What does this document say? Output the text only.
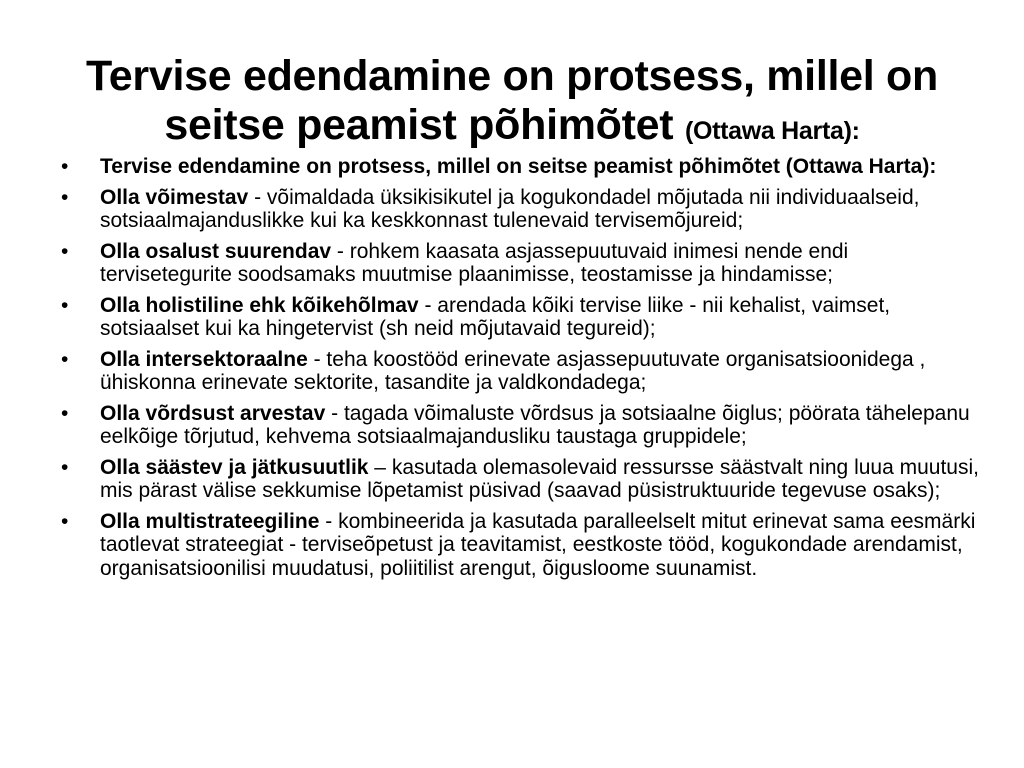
Tervise edendamine on protsess, millel on seitse peamist põhimõtet (Ottawa Harta):
• Tervise edendamine on protsess, millel on seitse peamist põhimõtet (Ottawa Harta):
• Olla võimestav - võimaldada üksikisikutel ja kogukondadel mõjutada nii individuaalseid, sotsiaalmajanduslikke kui ka keskkonnast tulenevaid tervisemõjureid;
• Olla osalust suurendav - rohkem kaasata asjassepuutuvaid inimesi nende endi tervisetegurite soodsamaks muutmise plaanimisse, teostamisse ja hindamisse;
• Olla holistiline ehk kõikehõlmav - arendada kõiki tervise liike - nii kehalist, vaimset, sotsiaalset kui ka hingetervist (sh neid mõjutavaid tegureid);
• Olla intersektoraalne - teha koostööd erinevate asjassepuutuvate organisatsioonidega , ühiskonna erinevate sektorite, tasandite ja valdkondadega;
• Olla võrdsust arvestav - tagada võimaluste võrdsus ja sotsiaalne õiglus; pöörata tähelepanu eelkõige tõrjutud, kehvema sotsiaalmajandusliku taustaga gruppidele;
• Olla säästev ja jätkusuutlik – kasutada olemasolevaid ressursse säästvalt ning luua muutusi, mis pärast välise sekkumise lõpetamist püsivad (saavad püsistruktuuride tegevuse osaks);
• Olla multistrateegiline - kombineerida ja kasutada paralleelselt mitut erinevat sama eesmärki taotlevat strateegiat - terviseõpetust ja teavitamist, eestkoste tööd, kogukondade arendamist, organisatsioonilisi muudatusi, poliitilist arengut, õigusloome suunamist.
